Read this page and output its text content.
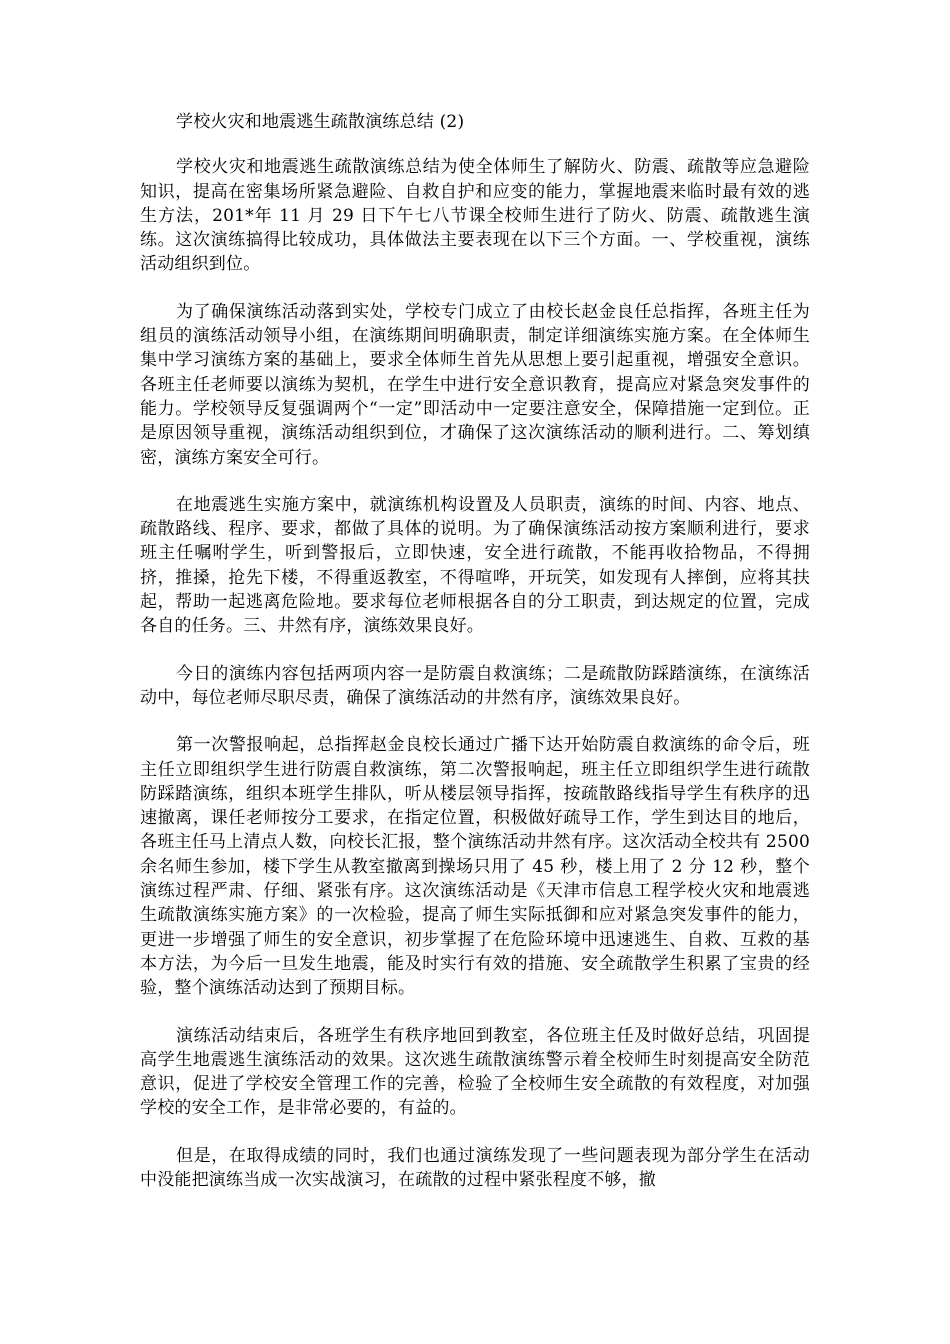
学校火灾和地震逃生疏散演练总结 (2)

学校火灾和地震逃生疏散演练总结为使全体师生了解防火、防震、疏散等应急避险知识，提高在密集场所紧急避险、自救自护和应变的能力，掌握地震来临时最有效的逃生方法，201*年 11 月 29 日下午七八节课全校师生进行了防火、防震、疏散逃生演练。这次演练搞得比较成功，具体做法主要表现在以下三个方面。一、学校重视，演练活动组织到位。

为了确保演练活动落到实处，学校专门成立了由校长赵金良任总指挥，各班主任为组员的演练活动领导小组，在演练期间明确职责，制定详细演练实施方案。在全体师生集中学习演练方案的基础上，要求全体师生首先从思想上要引起重视，增强安全意识。各班主任老师要以演练为契机，在学生中进行安全意识教育，提高应对紧急突发事件的能力。学校领导反复强调两个“一定”即活动中一定要注意安全，保障措施一定到位。正是原因领导重视，演练活动组织到位，才确保了这次演练活动的顺利进行。二、筹划缜密，演练方案安全可行。

在地震逃生实施方案中，就演练机构设置及人员职责，演练的时间、内容、地点、疏散路线、程序、要求，都做了具体的说明。为了确保演练活动按方案顺利进行，要求班主任嘱咐学生，听到警报后，立即快速，安全进行疏散，不能再收拾物品，不得拥挤，推搡，抢先下楼，不得重返教室，不得喧哗，开玩笑，如发现有人摔倒，应将其扶起，帮助一起逃离危险地。要求每位老师根据各自的分工职责，到达规定的位置，完成各自的任务。三、井然有序，演练效果良好。

今日的演练内容包括两项内容一是防震自救演练；二是疏散防踩踏演练，在演练活动中，每位老师尽职尽责，确保了演练活动的井然有序，演练效果良好。

第一次警报响起，总指挥赵金良校长通过广播下达开始防震自救演练的命令后，班主任立即组织学生进行防震自救演练，第二次警报响起，班主任立即组织学生进行疏散防踩踏演练，组织本班学生排队，听从楼层领导指挥，按疏散路线指导学生有秩序的迅速撤离，课任老师按分工要求，在指定位置，积极做好疏导工作，学生到达目的地后，各班主任马上清点人数，向校长汇报，整个演练活动井然有序。这次活动全校共有 2500 余名师生参加，楼下学生从教室撤离到操场只用了 45 秒，楼上用了 2 分 12 秒，整个演练过程严肃、仔细、紧张有序。这次演练活动是《天津市信息工程学校火灾和地震逃生疏散演练实施方案》的一次检验，提高了师生实际抵御和应对紧急突发事件的能力，更进一步增强了师生的安全意识，初步掌握了在危险环境中迅速逃生、自救、互救的基本方法，为今后一旦发生地震，能及时实行有效的措施、安全疏散学生积累了宝贵的经验，整个演练活动达到了预期目标。

演练活动结束后，各班学生有秩序地回到教室，各位班主任及时做好总结，巩固提高学生地震逃生演练活动的效果。这次逃生疏散演练警示着全校师生时刻提高安全防范意识，促进了学校安全管理工作的完善，检验了全校师生安全疏散的有效程度，对加强学校的安全工作，是非常必要的，有益的。

但是，在取得成绩的同时，我们也通过演练发现了一些问题表现为部分学生在活动中没能把演练当成一次实战演习，在疏散的过程中紧张程度不够，撤
